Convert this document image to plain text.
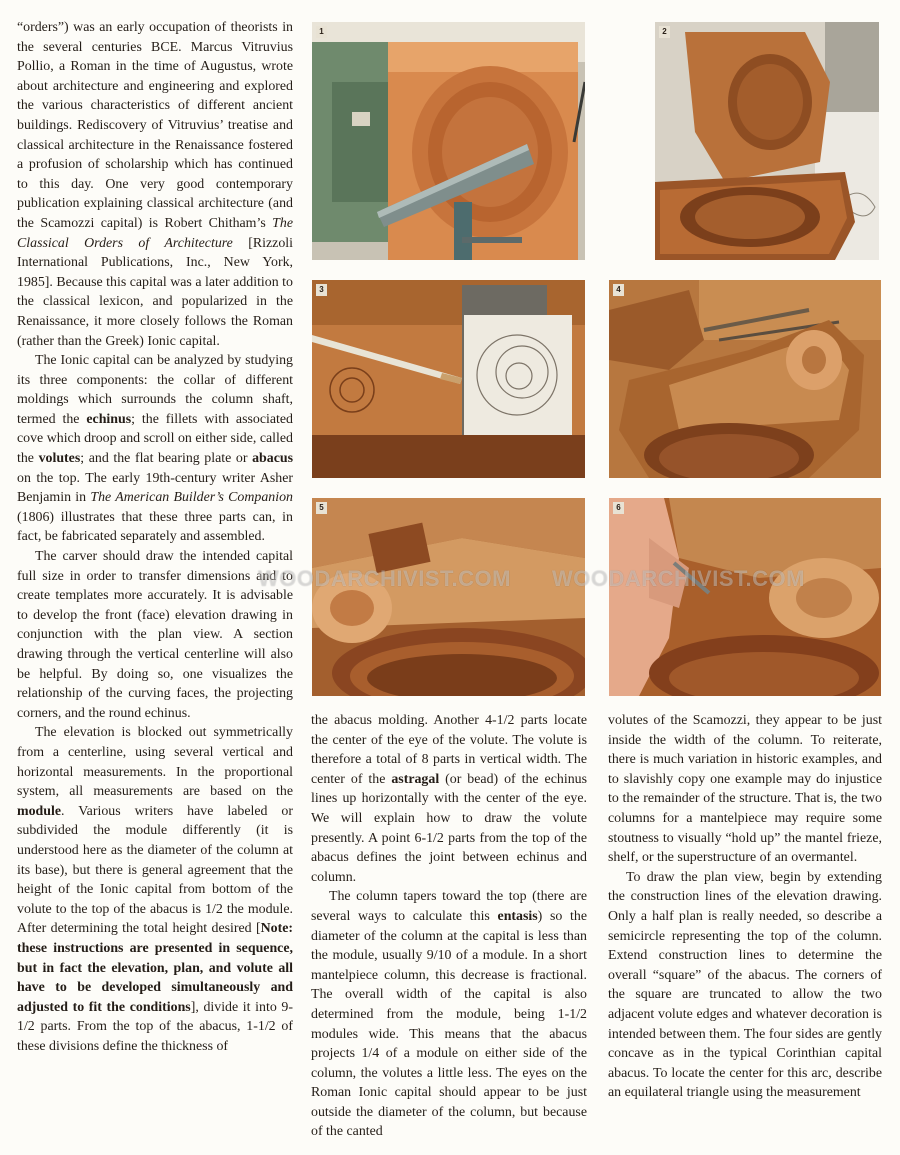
“orders”) was an early occupation of theorists in the several centuries BCE. Marcus Vitruvius Pollio, a Roman in the time of Augustus, wrote about architecture and engineering and explored the various characteristics of different ancient buildings. Rediscovery of Vitruvius’ treatise and classical architecture in the Renaissance fostered a profusion of scholarship which has continued to this day. One very good contemporary publication explaining classical architecture (and the Scamozzi capital) is Robert Chitham’s The Classical Orders of Architecture [Rizzoli International Publications, Inc., New York, 1985]. Because this capital was a later addition to the classical lexicon, and popularized in the Renaissance, it more closely follows the Roman (rather than the Greek) Ionic capital.

The Ionic capital can be analyzed by studying its three components: the collar of different moldings which surrounds the column shaft, termed the echinus; the fillets with associated cove which droop and scroll on either side, called the volutes; and the flat bearing plate or abacus on the top. The early 19th-century writer Asher Benjamin in The American Builder’s Companion (1806) illustrates that these three parts can, in fact, be fabricated separately and assembled.

The carver should draw the intended capital full size in order to transfer dimensions and to create templates more accurately. It is advisable to develop the front (face) elevation drawing in conjunction with the plan view. A section drawing through the vertical centerline will also be helpful. By doing so, one visualizes the relationship of the curving faces, the projecting corners, and the round echinus.

The elevation is blocked out symmetrically from a centerline, using several vertical and horizontal measurements. In the proportional system, all measurements are based on the module. Various writers have labeled or subdivided the module differently (it is understood here as the diameter of the column at its base), but there is general agreement that the height of the Ionic capital from bottom of the volute to the top of the abacus is 1/2 the module. After determining the total height desired [Note: these instructions are presented in sequence, but in fact the elevation, plan, and volute all have to be developed simultaneously and adjusted to fit the conditions], divide it into 9-1/2 parts. From the top of the abacus, 1-1/2 of these divisions define the thickness of

the abacus molding. Another 4-1/2 parts locate the center of the eye of the volute. The volute is therefore a total of 8 parts in vertical width. The center of the astragal (or bead) of the echinus lines up horizontally with the center of the eye. We will explain how to draw the volute presently. A point 6-1/2 parts from the top of the abacus defines the joint between echinus and column.

The column tapers toward the top (there are several ways to calculate this entasis) so the diameter of the column at the capital is less than the module, usually 9/10 of a module. In a short mantelpiece column, this decrease is fractional. The overall width of the capital is also determined from the module, being 1-1/2 modules wide. This means that the abacus projects 1/4 of a module on either side of the column, the volutes a little less. The eyes on the Roman Ionic capital should appear to be just outside the diameter of the column, but because of the canted

volutes of the Scamozzi, they appear to be just inside the width of the column. To reiterate, there is much variation in historic examples, and to slavishly copy one example may do injustice to the remainder of the structure. That is, the two columns for a mantelpiece may require some stoutness to visually “hold up” the mantel frieze, shelf, or the superstructure of an overmantel.

To draw the plan view, begin by extending the construction lines of the elevation drawing. Only a half plan is really needed, so describe a semicircle representing the top of the column. Extend construction lines to determine the overall “square” of the abacus. The corners of the square are truncated to allow the two adjacent volute edges and whatever decoration is intended between them. The four sides are gently concave as in the typical Corinthian capital abacus. To locate the center for this arc, describe an equilateral triangle using the measurement

1	2
3	4
5	6
WOODARCHIVIST.COM WOODARCHIVIST.COM
